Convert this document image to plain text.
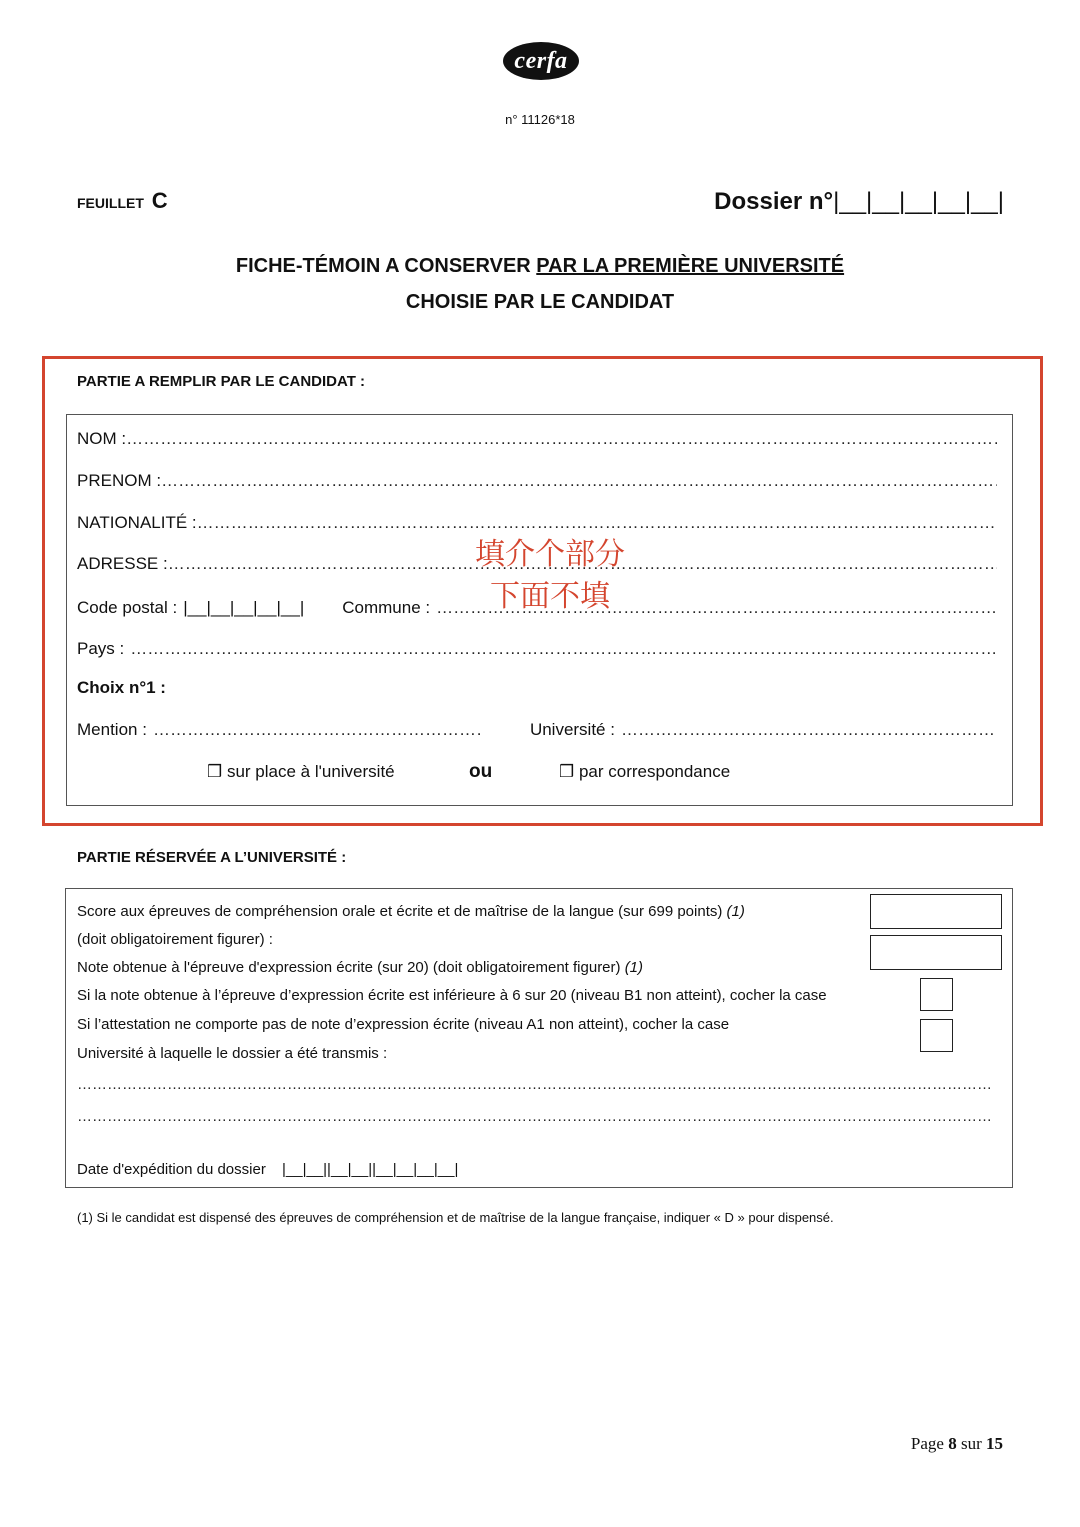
cerfa
n° 11126*18
FEUILLET C	Dossier n°|__|__|__|__|__|
FICHE-TÉMOIN A CONSERVER PAR LA PREMIÈRE UNIVERSITÉ
CHOISIE PAR LE CANDIDAT
PARTIE A REMPLIR PAR LE CANDIDAT :
NOM :
……………………………………………………………………………………………………………………………………………………………………………………………………………………
PRENOM :
……………………………………………………………………………………………………………………………………………………………………………………………………………………
NATIONALITÉ :
……………………………………………………………………………………………………………………………………………………………………………………………………………………
ADRESSE :
……………………………………………………………………………………………………………………………………………………………………………………………………………………
Code postal : |__|__|__|__|__| Commune :
……………………………………………………………………………………………………………………………………………………………………………………………………………………
Pays :
……………………………………………………………………………………………………………………………………………………………………………………………………………………
Choix n°1 :
Mention :
……………………………………………………………………………………………………………………………………………………………………………………………………………………	Université :
……………………………………………………………………………………………………………………………………………………………………………………………………………………
❒ sur place à l'université	ou	❒ par correspondance
填介个部分
下面不填
PARTIE RÉSERVÉE A L’UNIVERSITÉ :
Score aux épreuves de compréhension orale et écrite et de maîtrise de la langue (sur 699 points) (1)
(doit obligatoirement figurer) :
Note obtenue à l'épreuve d'expression écrite (sur 20) (doit obligatoirement figurer) (1)
Si la note obtenue à l’épreuve d’expression écrite est inférieure à 6 sur 20 (niveau B1 non atteint), cocher la case
Si l’attestation ne comporte pas de note d’expression écrite (niveau A1 non atteint), cocher la case
Université à laquelle le dossier a été transmis :
……………………………………………………………………………………………………………………………………………………………………………………………………………………
……………………………………………………………………………………………………………………………………………………………………………………………………………………
Date d'expédition du dossier |__|__||__|__||__|__|__|__|
(1) Si le candidat est dispensé des épreuves de compréhension et de maîtrise de la langue française, indiquer « D » pour dispensé.
Page 8 sur 15
